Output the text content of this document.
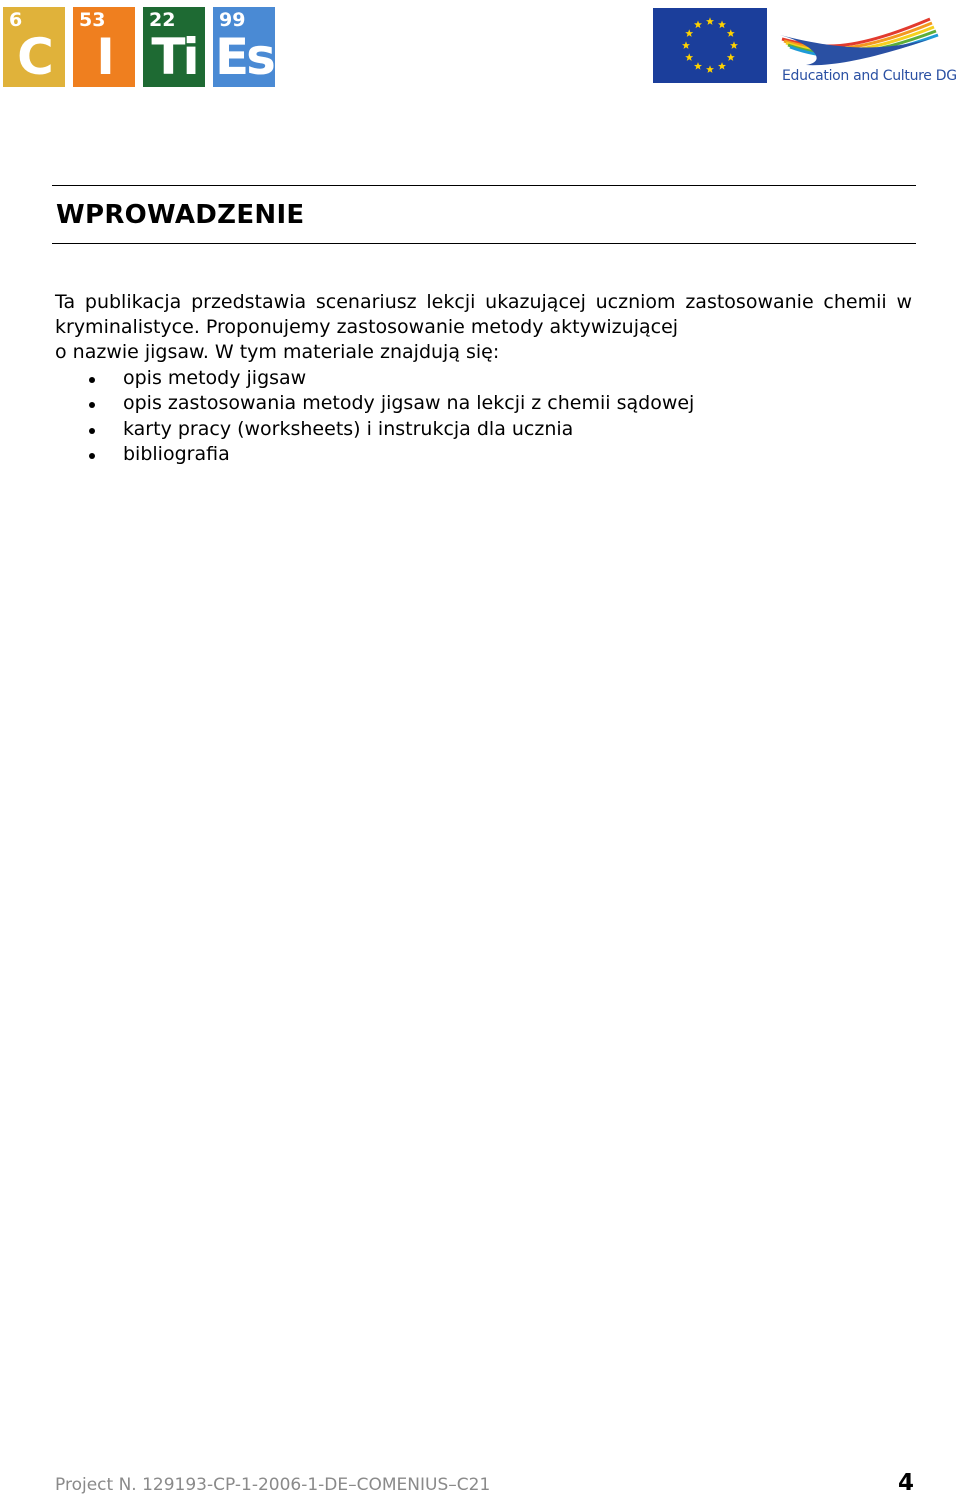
6
C
53
I
22
Ti
99
Es	Education and Culture DG
WPROWADZENIE

Ta publikacja przedstawia scenariusz lekcji ukazującej uczniom zastosowanie chemii w kryminalistyce. Proponujemy zastosowanie metody aktywizującej
o nazwie jigsaw. W tym materiale znajdują się:

opis metody jigsaw
opis zastosowania metody jigsaw na lekcji z chemii sądowej
karty pracy (worksheets) i instrukcja dla ucznia
bibliografia
Project N. 129193-CP-1-2006-1-DE–COMENIUS–C21	4
